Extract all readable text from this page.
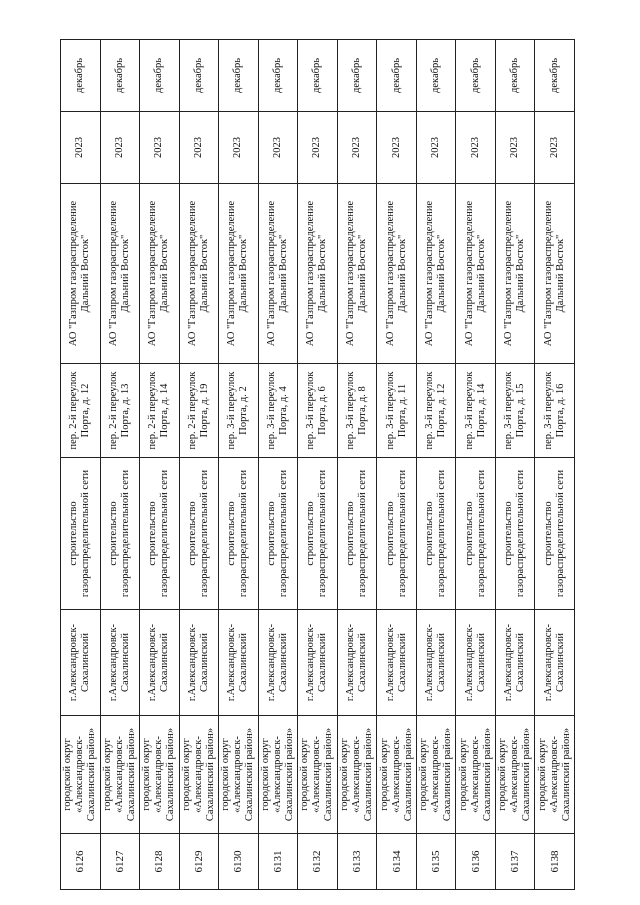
6126	городской округ «Александровск-Сахалинский район»	г.Александровск-Сахалинский	строительство газораспределительной сети	пер. 2-й переулок Порта, д. 12	АО "Газпром газораспределение Дальний Восток"	2023	декабрь
6127	городской округ «Александровск-Сахалинский район»	г.Александровск-Сахалинский	строительство газораспределительной сети	пер. 2-й переулок Порта, д. 13	АО "Газпром газораспределение Дальний Восток"	2023	декабрь
6128	городской округ «Александровск-Сахалинский район»	г.Александровск-Сахалинский	строительство газораспределительной сети	пер. 2-й переулок Порта, д. 14	АО "Газпром газораспределение Дальний Восток"	2023	декабрь
6129	городской округ «Александровск-Сахалинский район»	г.Александровск-Сахалинский	строительство газораспределительной сети	пер. 2-й переулок Порта, д. 19	АО "Газпром газораспределение Дальний Восток"	2023	декабрь
6130	городской округ «Александровск-Сахалинский район»	г.Александровск-Сахалинский	строительство газораспределительной сети	пер. 3-й переулок Порта, д. 2	АО "Газпром газораспределение Дальний Восток"	2023	декабрь
6131	городской округ «Александровск-Сахалинский район»	г.Александровск-Сахалинский	строительство газораспределительной сети	пер. 3-й переулок Порта, д. 4	АО "Газпром газораспределение Дальний Восток"	2023	декабрь
6132	городской округ «Александровск-Сахалинский район»	г.Александровск-Сахалинский	строительство газораспределительной сети	пер. 3-й переулок Порта, д. 6	АО "Газпром газораспределение Дальний Восток"	2023	декабрь
6133	городской округ «Александровск-Сахалинский район»	г.Александровск-Сахалинский	строительство газораспределительной сети	пер. 3-й переулок Порта, д. 8	АО "Газпром газораспределение Дальний Восток"	2023	декабрь
6134	городской округ «Александровск-Сахалинский район»	г.Александровск-Сахалинский	строительство газораспределительной сети	пер. 3-й переулок Порта, д. 11	АО "Газпром газораспределение Дальний Восток"	2023	декабрь
6135	городской округ «Александровск-Сахалинский район»	г.Александровск-Сахалинский	строительство газораспределительной сети	пер. 3-й переулок Порта, д. 12	АО "Газпром газораспределение Дальний Восток"	2023	декабрь
6136	городской округ «Александровск-Сахалинский район»	г.Александровск-Сахалинский	строительство газораспределительной сети	пер. 3-й переулок Порта, д. 14	АО "Газпром газораспределение Дальний Восток"	2023	декабрь
6137	городской округ «Александровск-Сахалинский район»	г.Александровск-Сахалинский	строительство газораспределительной сети	пер. 3-й переулок Порта, д. 15	АО "Газпром газораспределение Дальний Восток"	2023	декабрь
6138	городской округ «Александровск-Сахалинский район»	г.Александровск-Сахалинский	строительство газораспределительной сети	пер. 3-й переулок Порта, д. 16	АО "Газпром газораспределение Дальний Восток"	2023	декабрь
